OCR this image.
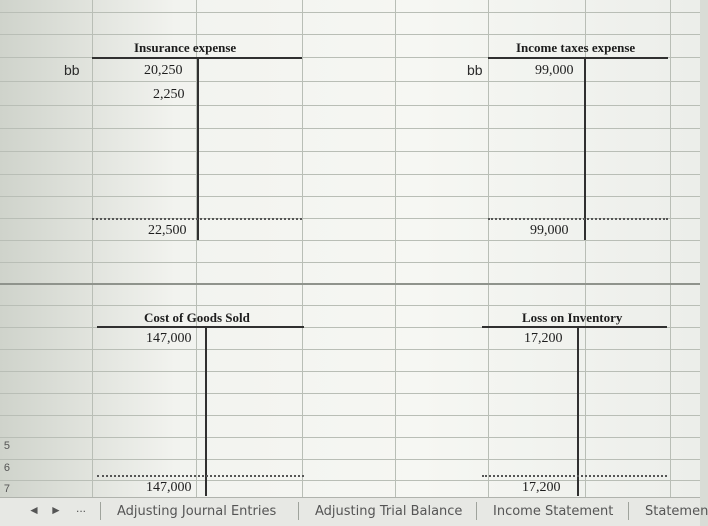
5
6
7
Insurance expense
bb	20,250
2,250
22,500
Income taxes expense
bb	99,000
99,000
Cost of Goods Sold
147,000
147,000
Loss on Inventory
17,200
17,200
◄ ► ... Adjusting Journal Entries	Adjusting Trial Balance Income Statement Statemen
